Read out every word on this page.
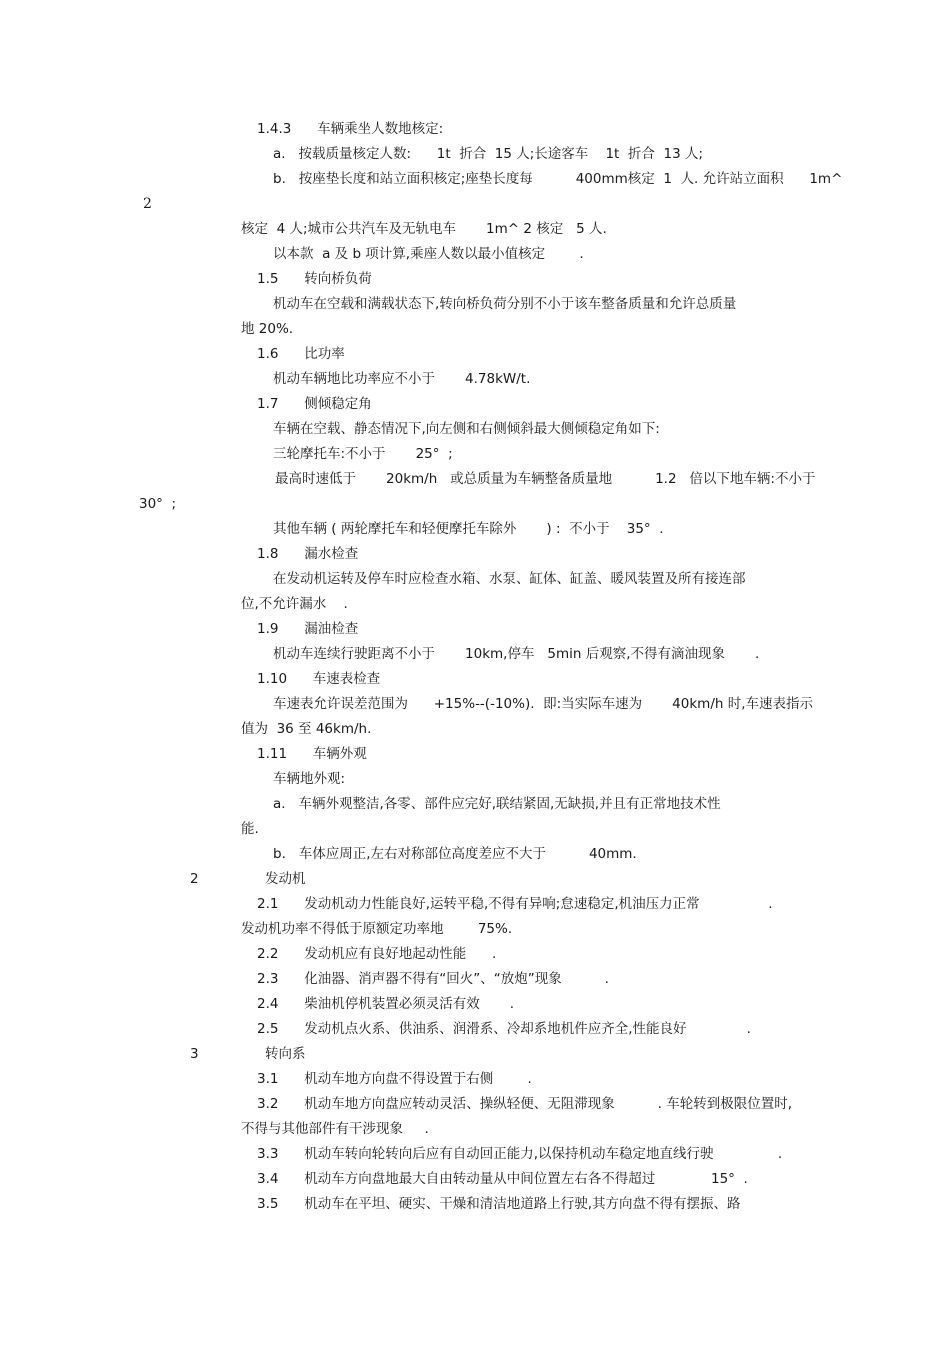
1.4.3      车辆乘坐人数地核定:
a.   按载质量核定人数:      1t  折合  15 人;长途客车    1t  折合  13 人;
b.   按座垫长度和站立面积核定;座垫长度每          400mm核定  1  人. 允许站立面积      1m^
2
核定  4 人;城市公共汽车及无轨电车       1m^ 2 核定   5 人.
以本款  a 及 b 项计算,乘座人数以最小值核定        .
1.5      转向桥负荷
机动车在空载和满载状态下,转向桥负荷分别不小于该车整备质量和允许总质量
地 20%.
1.6      比功率
机动车辆地比功率应不小于       4.78kW/t.
1.7      侧倾稳定角
车辆在空载、静态情况下,向左侧和右侧倾斜最大侧倾稳定角如下:
三轮摩托车:不小于       25°  ;
最高时速低于       20km/h   或总质量为车辆整备质量地          1.2   倍以下地车辆:不小于
30°  ;
其他车辆 ( 两轮摩托车和轻便摩托车除外       ) :  不小于    35°  .
1.8      漏水检查
在发动机运转及停车时应检查水箱、水泵、缸体、缸盖、暖风装置及所有接连部
位,不允许漏水    .
1.9      漏油检查
机动车连续行驶距离不小于       10km,停车   5min 后观察,不得有滴油现象       .
1.10      车速表检查
车速表允许误差范围为      +15%--(-10%).  即:当实际车速为       40km/h 时,车速表指示
值为  36 至 46km/h.
1.11      车辆外观
车辆地外观:
a.   车辆外观整洁,各零、部件应完好,联结紧固,无缺损,并且有正常地技术性
能.
b.   车体应周正,左右对称部位高度差应不大于          40mm.
2	发动机
2.1      发动机动力性能良好,运转平稳,不得有异响;怠速稳定,机油压力正常                .
发动机功率不得低于原额定功率地        75%.
2.2      发动机应有良好地起动性能      .
2.3      化油器、消声器不得有“回火”、“放炮”现象          .
2.4      柴油机停机装置必须灵活有效       .
2.5      发动机点火系、供油系、润滑系、冷却系地机件应齐全,性能良好              .
3	转向系
3.1      机动车地方向盘不得设置于右侧        .
3.2      机动车地方向盘应转动灵活、操纵轻便、无阻滞现象          . 车轮转到极限位置时,
不得与其他部件有干涉现象     .
3.3      机动车转向轮转向后应有自动回正能力,以保持机动车稳定地直线行驶               .
3.4      机动车方向盘地最大自由转动量从中间位置左右各不得超过             15°  .
3.5      机动车在平坦、硬实、干燥和清洁地道路上行驶,其方向盘不得有摆振、路
